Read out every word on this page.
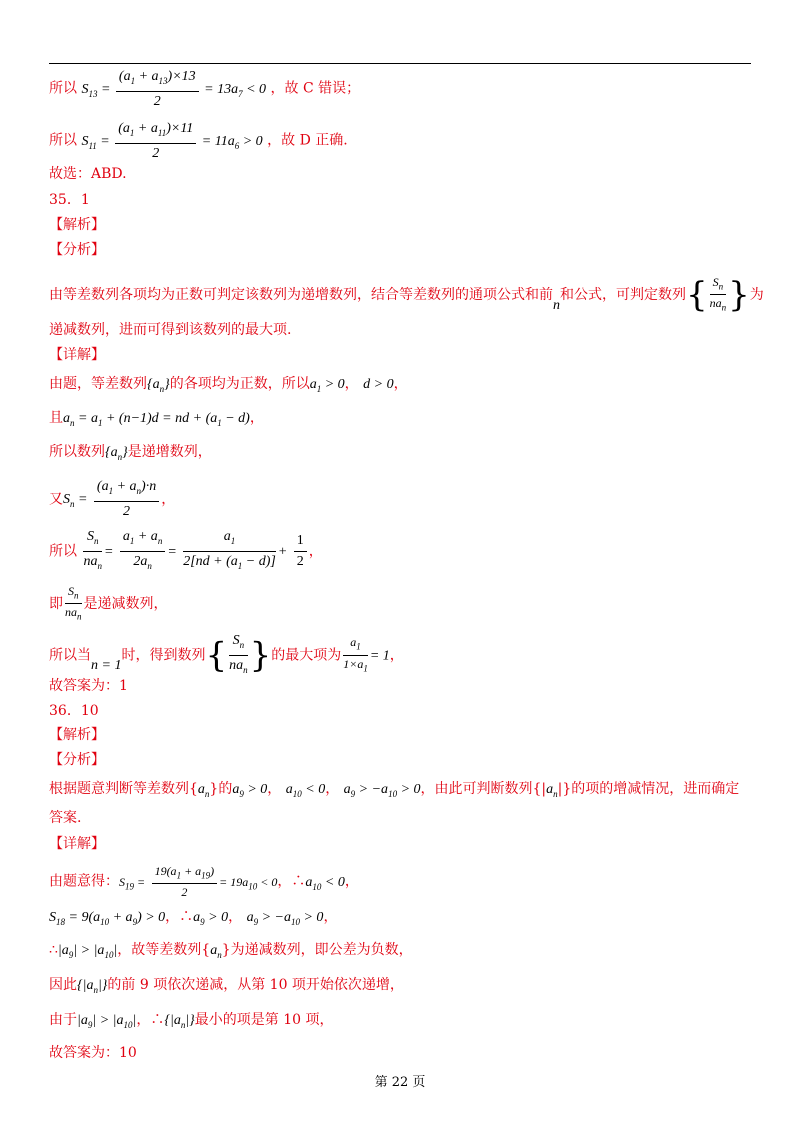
所以 $S_{13} = \frac{(a_1 + a_{13})\times 13}{2} = 13a_7 < 0$ ，故 C 错误；
所以 $S_{11} = \frac{(a_1 + a_{11})\times 11}{2} = 11a_6 > 0$ ，故 D 正确.
故选：ABD.
35．1
【解析】
【分析】
由等差数列各项均为正数可判定该数列为递增数列，结合等差数列的通项公式和前n和公式，可判定数列{ $\frac{S_n}{na_n}$ }为
递减数列，进而可得到该数列的最大项.
【详解】
由题，等差数列$\{a_n\}$的各项均为正数，所以$a_1 > 0$， d > 0，
且$a_n = a_1 + (n-1)d$ = nd + $(a_1 - d)$，
所以数列$\{a_n\}$是递增数列，
又$S_n = \frac{(a_1 + a_n)\cdot n}{2}$ ，
所以 $\frac{S_n}{na_n} = \frac{a_1 + a_n}{2a_n} = \frac{a_1}{2[nd + (a_1 - d)]} + \frac{1}{2}$ ，
即 $\frac{S_n}{na_n}$ 是递减数列，
所以当n = 1时，得到数列{ $\frac{S_n}{na_n}$ }的最大项为 $\frac{a_1}{1\times a_1} = 1$，
故答案为：1
36．10
【解析】
【分析】
根据题意判断等差数列$\{a_n\}$的$a_9 > 0$， $a_{10} < 0$， $a_9 > -a_{10} > 0$，由此可判断数列$\{|a_n|\}$的项的增减情况，进而确定
答案.
【详解】
由题意得：$S_{19} = \frac{19(a_1 + a_{19})}{2} = 19a_{10} < 0$，$\therefore a_{10} < 0$，
$S_{18} = 9(a_{10} + a_9) > 0$，$\therefore a_9 > 0$， $a_9 > -a_{10} > 0$，
$\therefore|a_9| > |a_{10}|$，故等差数列$\{a_n\}$为递减数列，即公差为负数，
因此$\{|a_n|\}$的前 9 项依次递减，从第 10 项开始依次递增，
由于$|a_9| > |a_{10}|$，$\therefore\{|a_n|\}$最小的项是第 10 项，
故答案为：10
第 22 页
